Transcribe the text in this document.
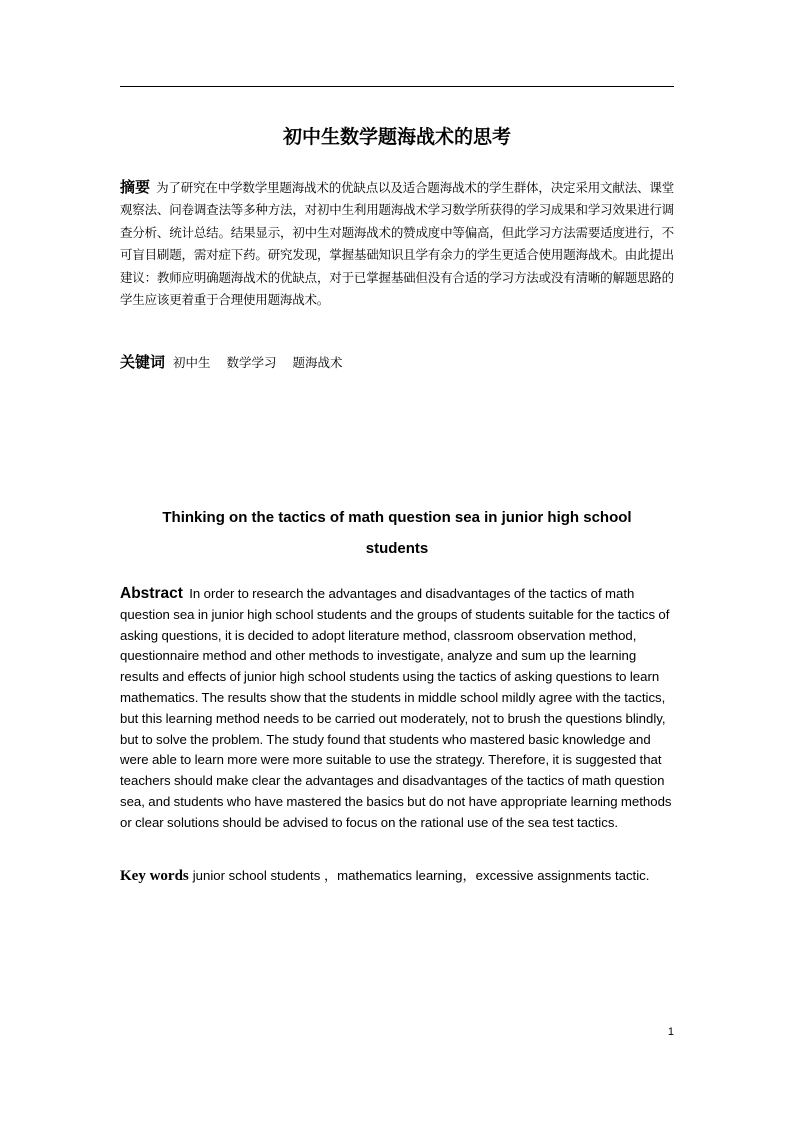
初中生数学题海战术的思考

摘要 为了研究在中学数学里题海战术的优缺点以及适合题海战术的学生群体，决定采用文献法、课堂观察法、问卷调查法等多种方法，对初中生利用题海战术学习数学所获得的学习成果和学习效果进行调查分析、统计总结。结果显示，初中生对题海战术的赞成度中等偏高，但此学习方法需要适度进行，不可盲目刷题，需对症下药。研究发现，掌握基础知识且学有余力的学生更适合使用题海战术。由此提出建议：教师应明确题海战术的优缺点，对于已掌握基础但没有合适的学习方法或没有清晰的解题思路的学生应该更着重于合理使用题海战术。

关键词 初中生 数学学习 题海战术

Thinking on the tactics of math question sea in junior high school
students

Abstract In order to research the advantages and disadvantages of the tactics of math question sea in junior high school students and the groups of students suitable for the tactics of asking questions, it is decided to adopt literature method, classroom observation method, questionnaire method and other methods to investigate, analyze and sum up the learning results and effects of junior high school students using the tactics of asking questions to learn mathematics. The results show that the students in middle school mildly agree with the tactics, but this learning method needs to be carried out moderately, not to brush the questions blindly, but to solve the problem. The study found that students who mastered basic knowledge and were able to learn more were more suitable to use the strategy. Therefore, it is suggested that teachers should make clear the advantages and disadvantages of the tactics of math question sea, and students who have mastered the basics but do not have appropriate learning methods or clear solutions should be advised to focus on the rational use of the sea test tactics.

Key words junior school students ，mathematics learning，excessive assignments tactic.

1
